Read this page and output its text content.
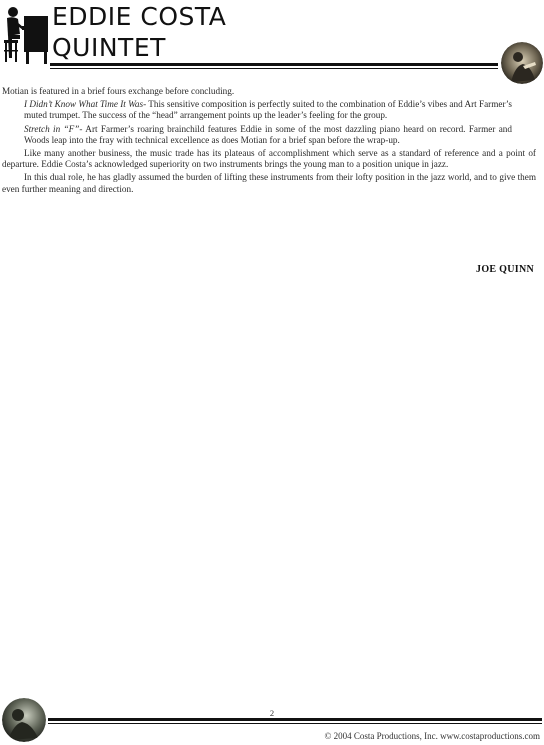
EDDIE COSTA
QUINTET

Motian is featured in a brief fours exchange before concluding.

I Didn’t Know What Time It Was- This sensitive composition is perfectly suited to the combination of Eddie’s vibes and Art Farmer’s muted trumpet. The success of the “head” arrangement points up the leader’s feeling for the group.

Stretch in “F”- Art Farmer’s roaring brainchild features Eddie in some of the most dazzling piano heard on record. Farmer and Woods leap into the fray with technical excellence as does Motian for a brief span before the wrap-up.

Like many another business, the music trade has its plateaus of accomplishment which serve as a standard of reference and a point of departure. Eddie Costa’s acknowledged superiority on two instruments brings the young man to a position unique in jazz.

In this dual role, he has gladly assumed the burden of lifting these instruments from their lofty position in the jazz world, and to give them even further meaning and direction.

JOE QUINN
2
© 2004 Costa Productions, Inc. www.costaproductions.com
